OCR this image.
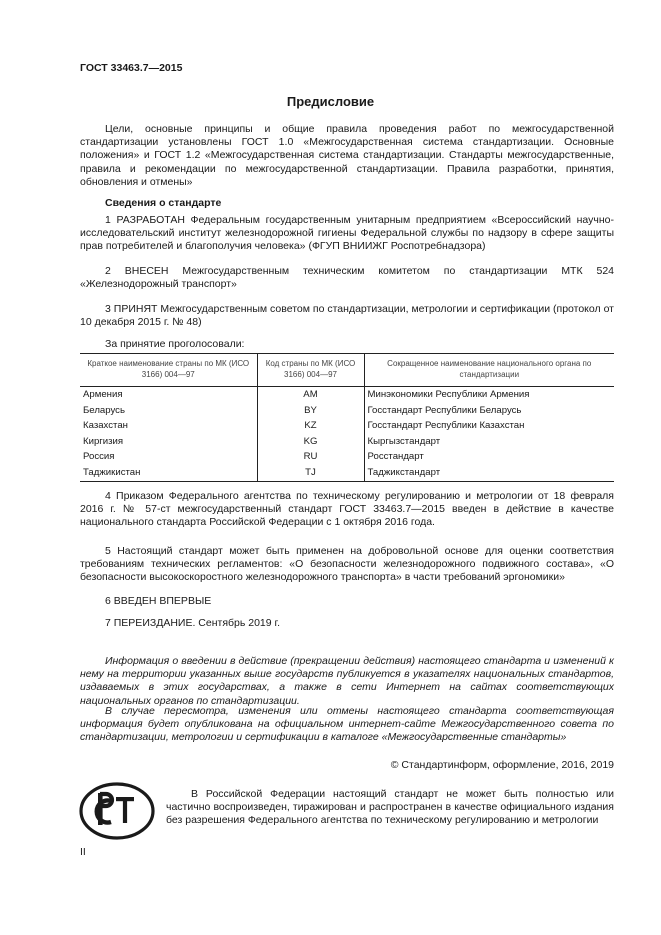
ГОСТ 33463.7—2015
Предисловие

Цели, основные принципы и общие правила проведения работ по межгосударственной стандартизации установлены ГОСТ 1.0 «Межгосударственная система стандартизации. Основные положения» и ГОСТ 1.2 «Межгосударственная система стандартизации. Стандарты межгосударственные, правила и рекомендации по межгосударственной стандартизации. Правила разработки, принятия, обновления и отмены»

Сведения о стандарте

1 РАЗРАБОТАН Федеральным государственным унитарным предприятием «Всероссийский научно-исследовательский институт железнодорожной гигиены Федеральной службы по надзору в сфере защиты прав потребителей и благополучия человека» (ФГУП ВНИИЖГ Роспотребнадзора)

2 ВНЕСЕН Межгосударственным техническим комитетом по стандартизации МТК 524 «Железнодорожный транспорт»

3 ПРИНЯТ Межгосударственным советом по стандартизации, метрологии и сертификации (протокол от 10 декабря 2015 г. № 48)

За принятие проголосовали:

Краткое наименование страны по МК (ИСО 3166) 004—97	Код страны по МК (ИСО 3166) 004—97	Сокращенное наименование национального органа по стандартизации
Армения	AM	Минэкономики Республики Армения
Беларусь	BY	Госстандарт Республики Беларусь
Казахстан	KZ	Госстандарт Республики Казахстан
Киргизия	KG	Кыргызстандарт
Россия	RU	Росстандарт
Таджикистан	TJ	Таджикстандарт

4 Приказом Федерального агентства по техническому регулированию и метрологии от 18 февраля 2016 г. № 57-ст межгосударственный стандарт ГОСТ 33463.7—2015 введен в действие в качестве национального стандарта Российской Федерации с 1 октября 2016 года.

5 Настоящий стандарт может быть применен на добровольной основе для оценки соответствия требованиям технических регламентов: «О безопасности железнодорожного подвижного состава», «О безопасности высокоскоростного железнодорожного транспорта» в части требований эргономики»

6 ВВЕДЕН ВПЕРВЫЕ

7 ПЕРЕИЗДАНИЕ. Сентябрь 2019 г.

Информация о введении в действие (прекращении действия) настоящего стандарта и изменений к нему на территории указанных выше государств публикуется в указателях национальных стандартов, издаваемых в этих государствах, а также в сети Интернет на сайтах соответствующих национальных органов по стандартизации.

В случае пересмотра, изменения или отмены настоящего стандарта соответствующая информация будет опубликована на официальном интернет-сайте Межгосударственного совета по стандартизации, метрологии и сертификации в каталоге «Межгосударственные стандарты»

© Стандартинформ, оформление, 2016, 2019

В Российской Федерации настоящий стандарт не может быть полностью или частично воспроизведен, тиражирован и распространен в качестве официального издания без разрешения Федерального агентства по техническому регулированию и метрологии

II
